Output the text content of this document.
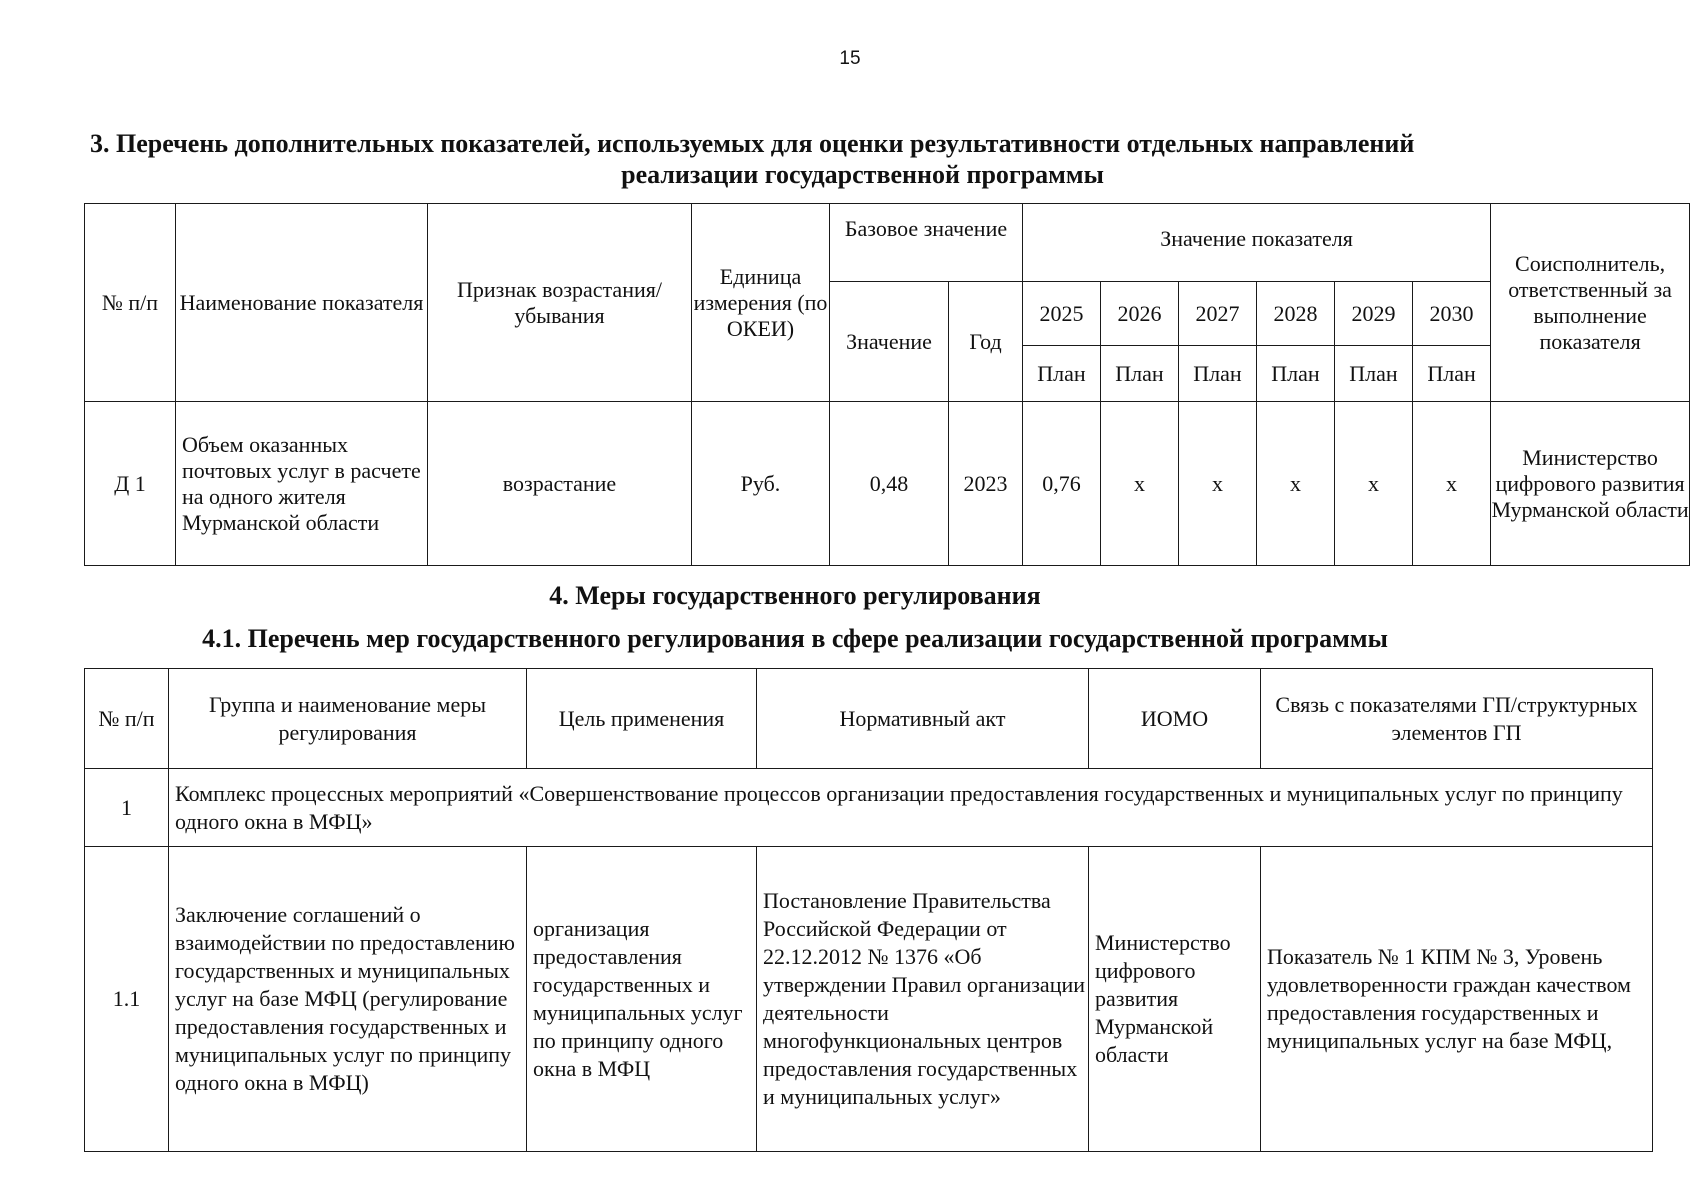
15
3. Перечень дополнительных показателей, используемых для оценки результативности отдельных направлений
реализации государственной программы
№ п/п	Наименование показателя	Признак возрастания/убывания	Единица измерения (по ОКЕИ)	Базовое значение		Значение показателя						Соисполнитель, ответственный за выполнение показателя
				Значение	Год	2025	2026	2027	2028	2029	2030	
						План	План	План	План	План	План	
Д 1	Объем оказанных почтовых услуг в расчете на одного жителя Мурманской области	возрастание	Руб.	0,48	2023	0,76	х	х	х	х	х	Министерство цифрового развития Мурманской области
4. Меры государственного регулирования
4.1. Перечень мер государственного регулирования в сфере реализации государственной программы
№ п/п	Группа и наименование меры регулирования	Цель применения	Нормативный акт	ИОМО	Связь с показателями ГП/структурных элементов ГП
1	Комплекс процессных мероприятий «Совершенствование процессов организации предоставления государственных и муниципальных услуг по принципу одного окна в МФЦ»				
1.1	Заключение соглашений о взаимодействии по предоставлению государственных и муниципальных услуг на базе МФЦ (регулирование предоставления государственных и муниципальных услуг по принципу одного окна в МФЦ)	организация предоставления государственных и муниципальных услуг по принципу одного окна в МФЦ	Постановление Правительства Российской Федерации от 22.12.2012 № 1376 «Об утверждении Правил организации деятельности многофункциональных центров предоставления государственных и муниципальных услуг»	Министерство цифрового развития Мурманской области	Показатель № 1 КПМ № 3, Уровень удовлетворенности граждан качеством предоставления государственных и муниципальных услуг на базе МФЦ,
